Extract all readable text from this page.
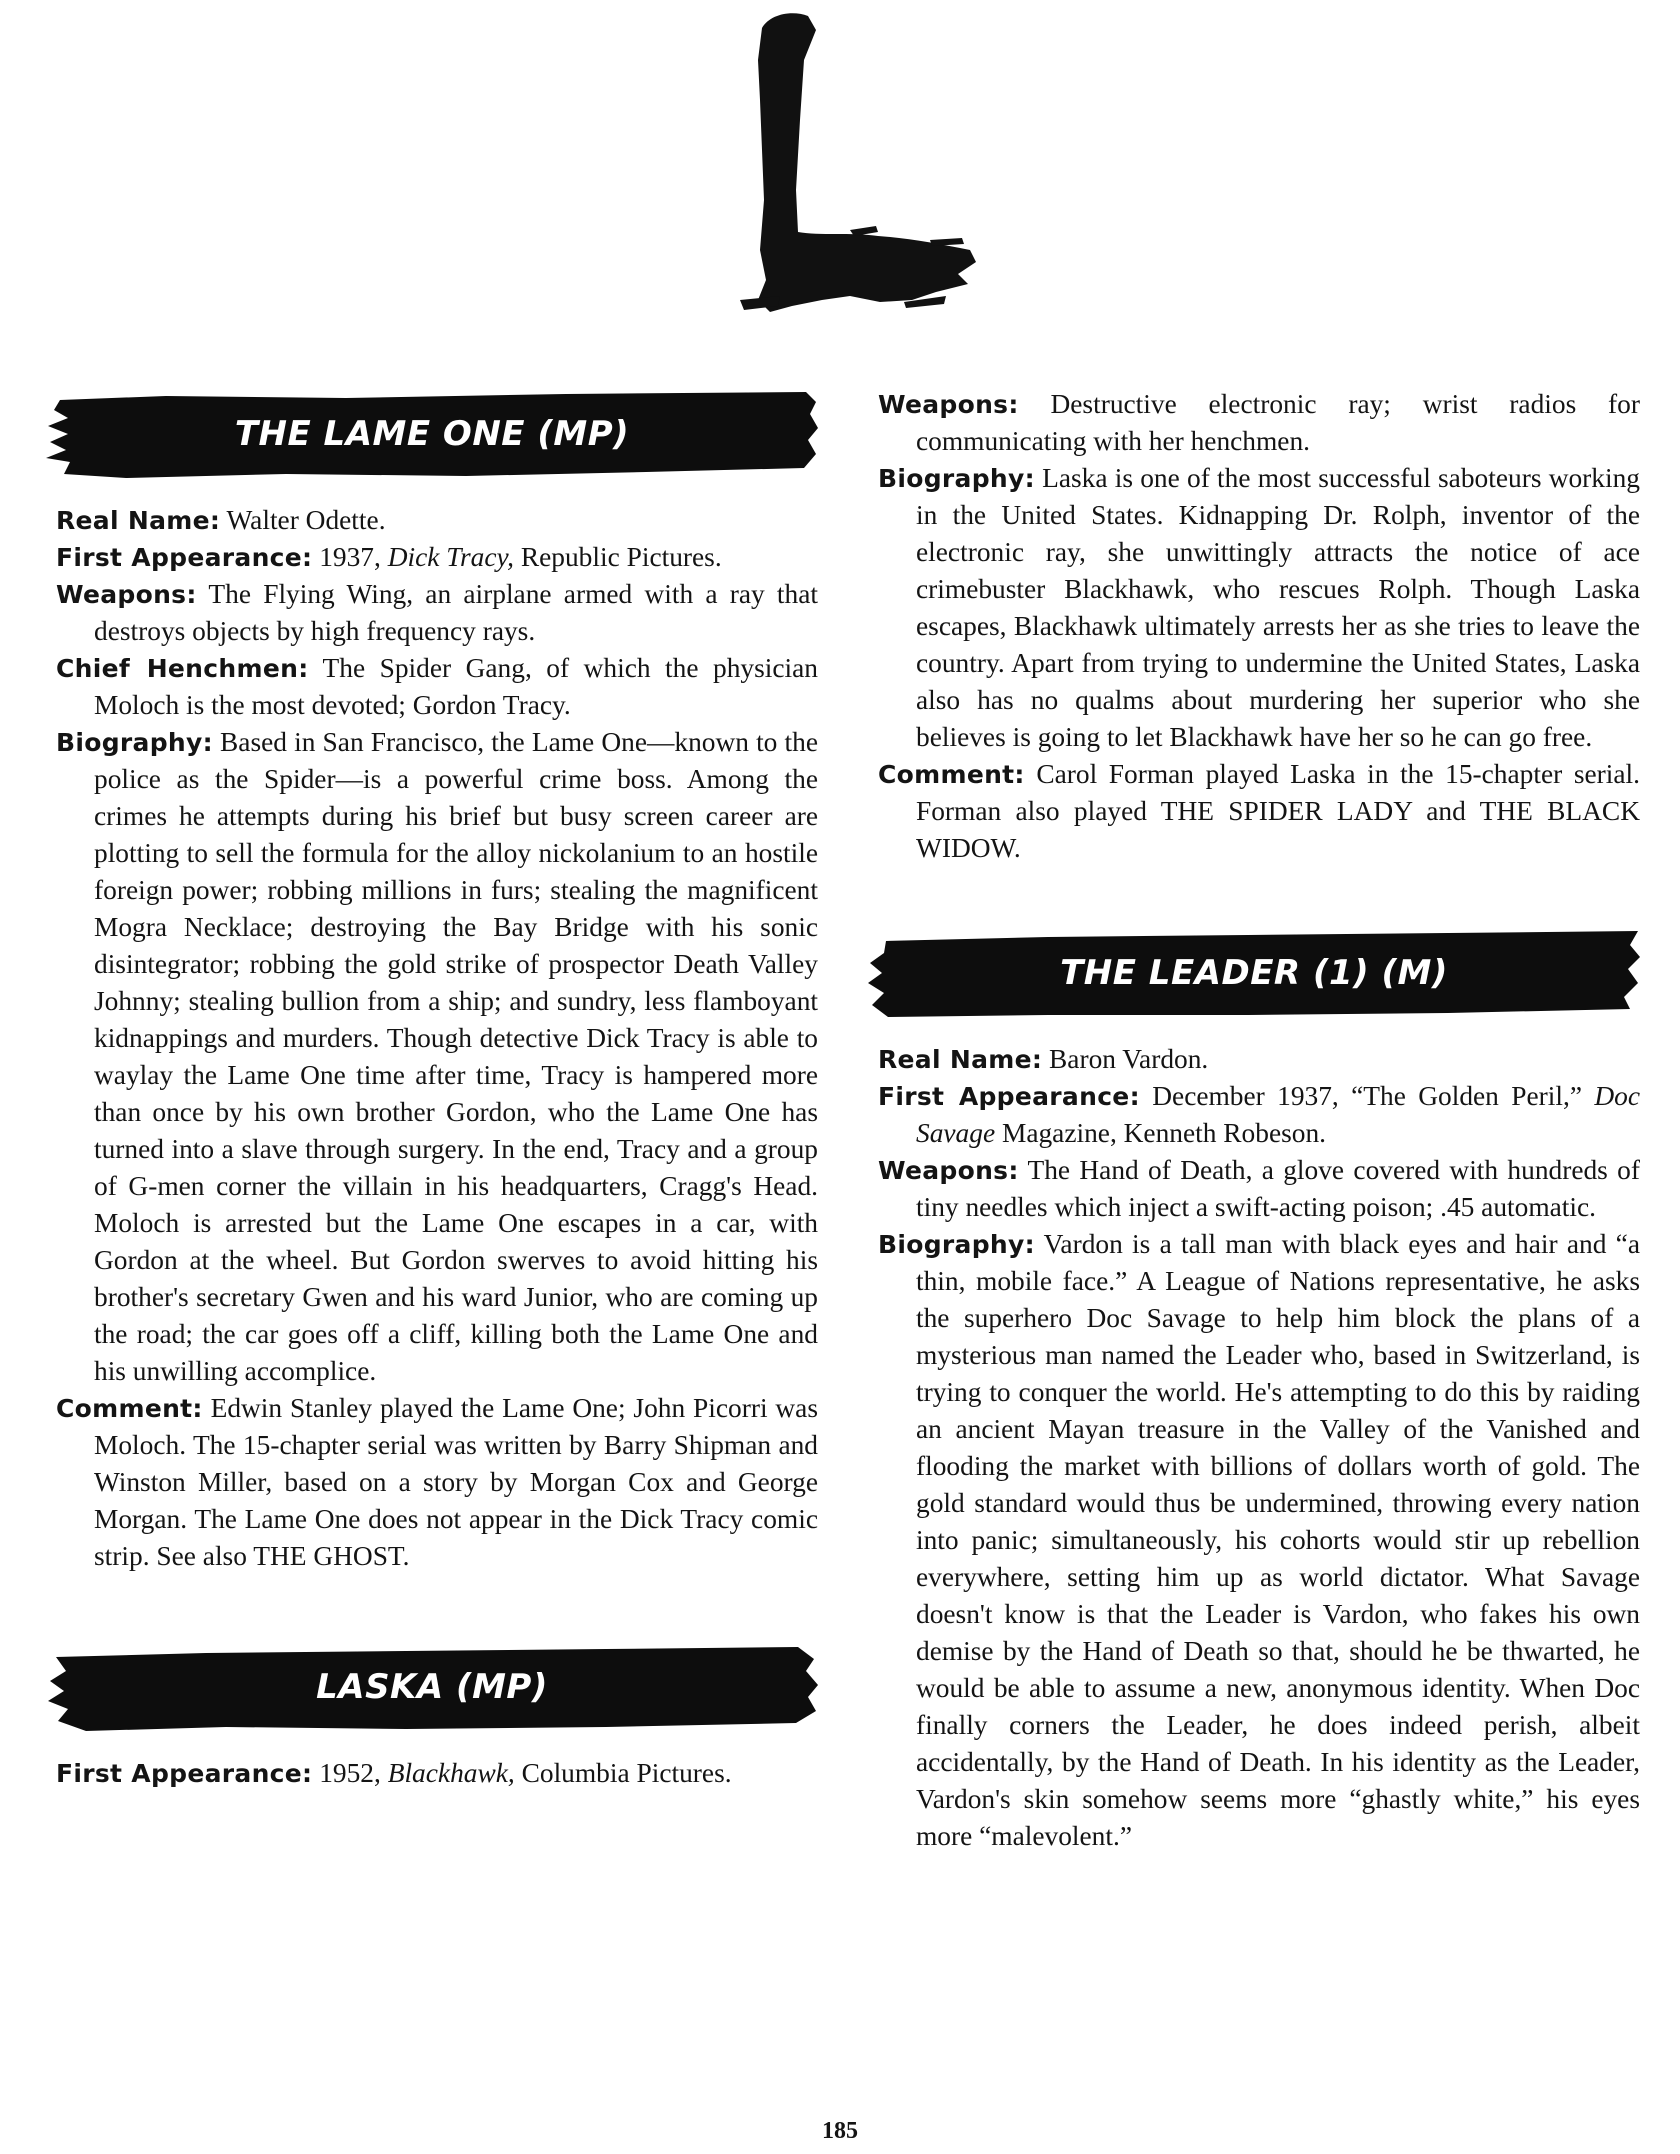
THE LAME ONE (MP)

Real Name: Walter Odette.

First Appearance: 1937, Dick Tracy, Republic Pictures.

Weapons: The Flying Wing, an airplane armed with a ray that destroys objects by high frequency rays.

Chief Henchmen: The Spider Gang, of which the physician Moloch is the most devoted; Gordon Tracy.

Biography: Based in San Francisco, the Lame One—known to the police as the Spider—is a powerful crime boss. Among the crimes he attempts during his brief but busy screen career are plotting to sell the formula for the alloy nickolanium to an hostile foreign power; robbing millions in furs; stealing the magnificent Mogra Necklace; destroying the Bay Bridge with his sonic disintegrator; robbing the gold strike of prospector Death Valley Johnny; stealing bullion from a ship; and sundry, less flamboyant kidnappings and murders. Though detective Dick Tracy is able to waylay the Lame One time after time, Tracy is hampered more than once by his own brother Gordon, who the Lame One has turned into a slave through surgery. In the end, Tracy and a group of G-men corner the villain in his headquarters, Cragg's Head. Moloch is arrested but the Lame One escapes in a car, with Gordon at the wheel. But Gordon swerves to avoid hitting his brother's secretary Gwen and his ward Junior, who are coming up the road; the car goes off a cliff, killing both the Lame One and his unwilling accomplice.

Comment: Edwin Stanley played the Lame One; John Picorri was Moloch. The 15-chapter serial was written by Barry Shipman and Winston Miller, based on a story by Morgan Cox and George Morgan. The Lame One does not appear in the Dick Tracy comic strip. See also THE GHOST.

LASKA (MP)

First Appearance: 1952, Blackhawk, Columbia Pictures.

Weapons: Destructive electronic ray; wrist radios for communicating with her henchmen.

Biography: Laska is one of the most successful saboteurs working in the United States. Kidnapping Dr. Rolph, inventor of the electronic ray, she unwittingly attracts the notice of ace crimebuster Blackhawk, who rescues Rolph. Though Laska escapes, Blackhawk ultimately arrests her as she tries to leave the country. Apart from trying to undermine the United States, Laska also has no qualms about murdering her superior who she believes is going to let Blackhawk have her so he can go free.

Comment: Carol Forman played Laska in the 15-chapter serial. Forman also played THE SPIDER LADY and THE BLACK WIDOW.

THE LEADER (1) (M)

Real Name: Baron Vardon.

First Appearance: December 1937, “The Golden Peril,” Doc Savage Magazine, Kenneth Robeson.

Weapons: The Hand of Death, a glove covered with hundreds of tiny needles which inject a swift-acting poison; .45 automatic.

Biography: Vardon is a tall man with black eyes and hair and “a thin, mobile face.” A League of Nations representative, he asks the superhero Doc Savage to help him block the plans of a mysterious man named the Leader who, based in Switzerland, is trying to conquer the world. He's attempting to do this by raiding an ancient Mayan treasure in the Valley of the Vanished and flooding the market with billions of dollars worth of gold. The gold standard would thus be undermined, throwing every nation into panic; simultaneously, his cohorts would stir up rebellion everywhere, setting him up as world dictator. What Savage doesn't know is that the Leader is Vardon, who fakes his own demise by the Hand of Death so that, should he be thwarted, he would be able to assume a new, anonymous identity. When Doc finally corners the Leader, he does indeed perish, albeit accidentally, by the Hand of Death. In his identity as the Leader, Vardon's skin somehow seems more “ghastly white,” his eyes more “malevolent.”

185
